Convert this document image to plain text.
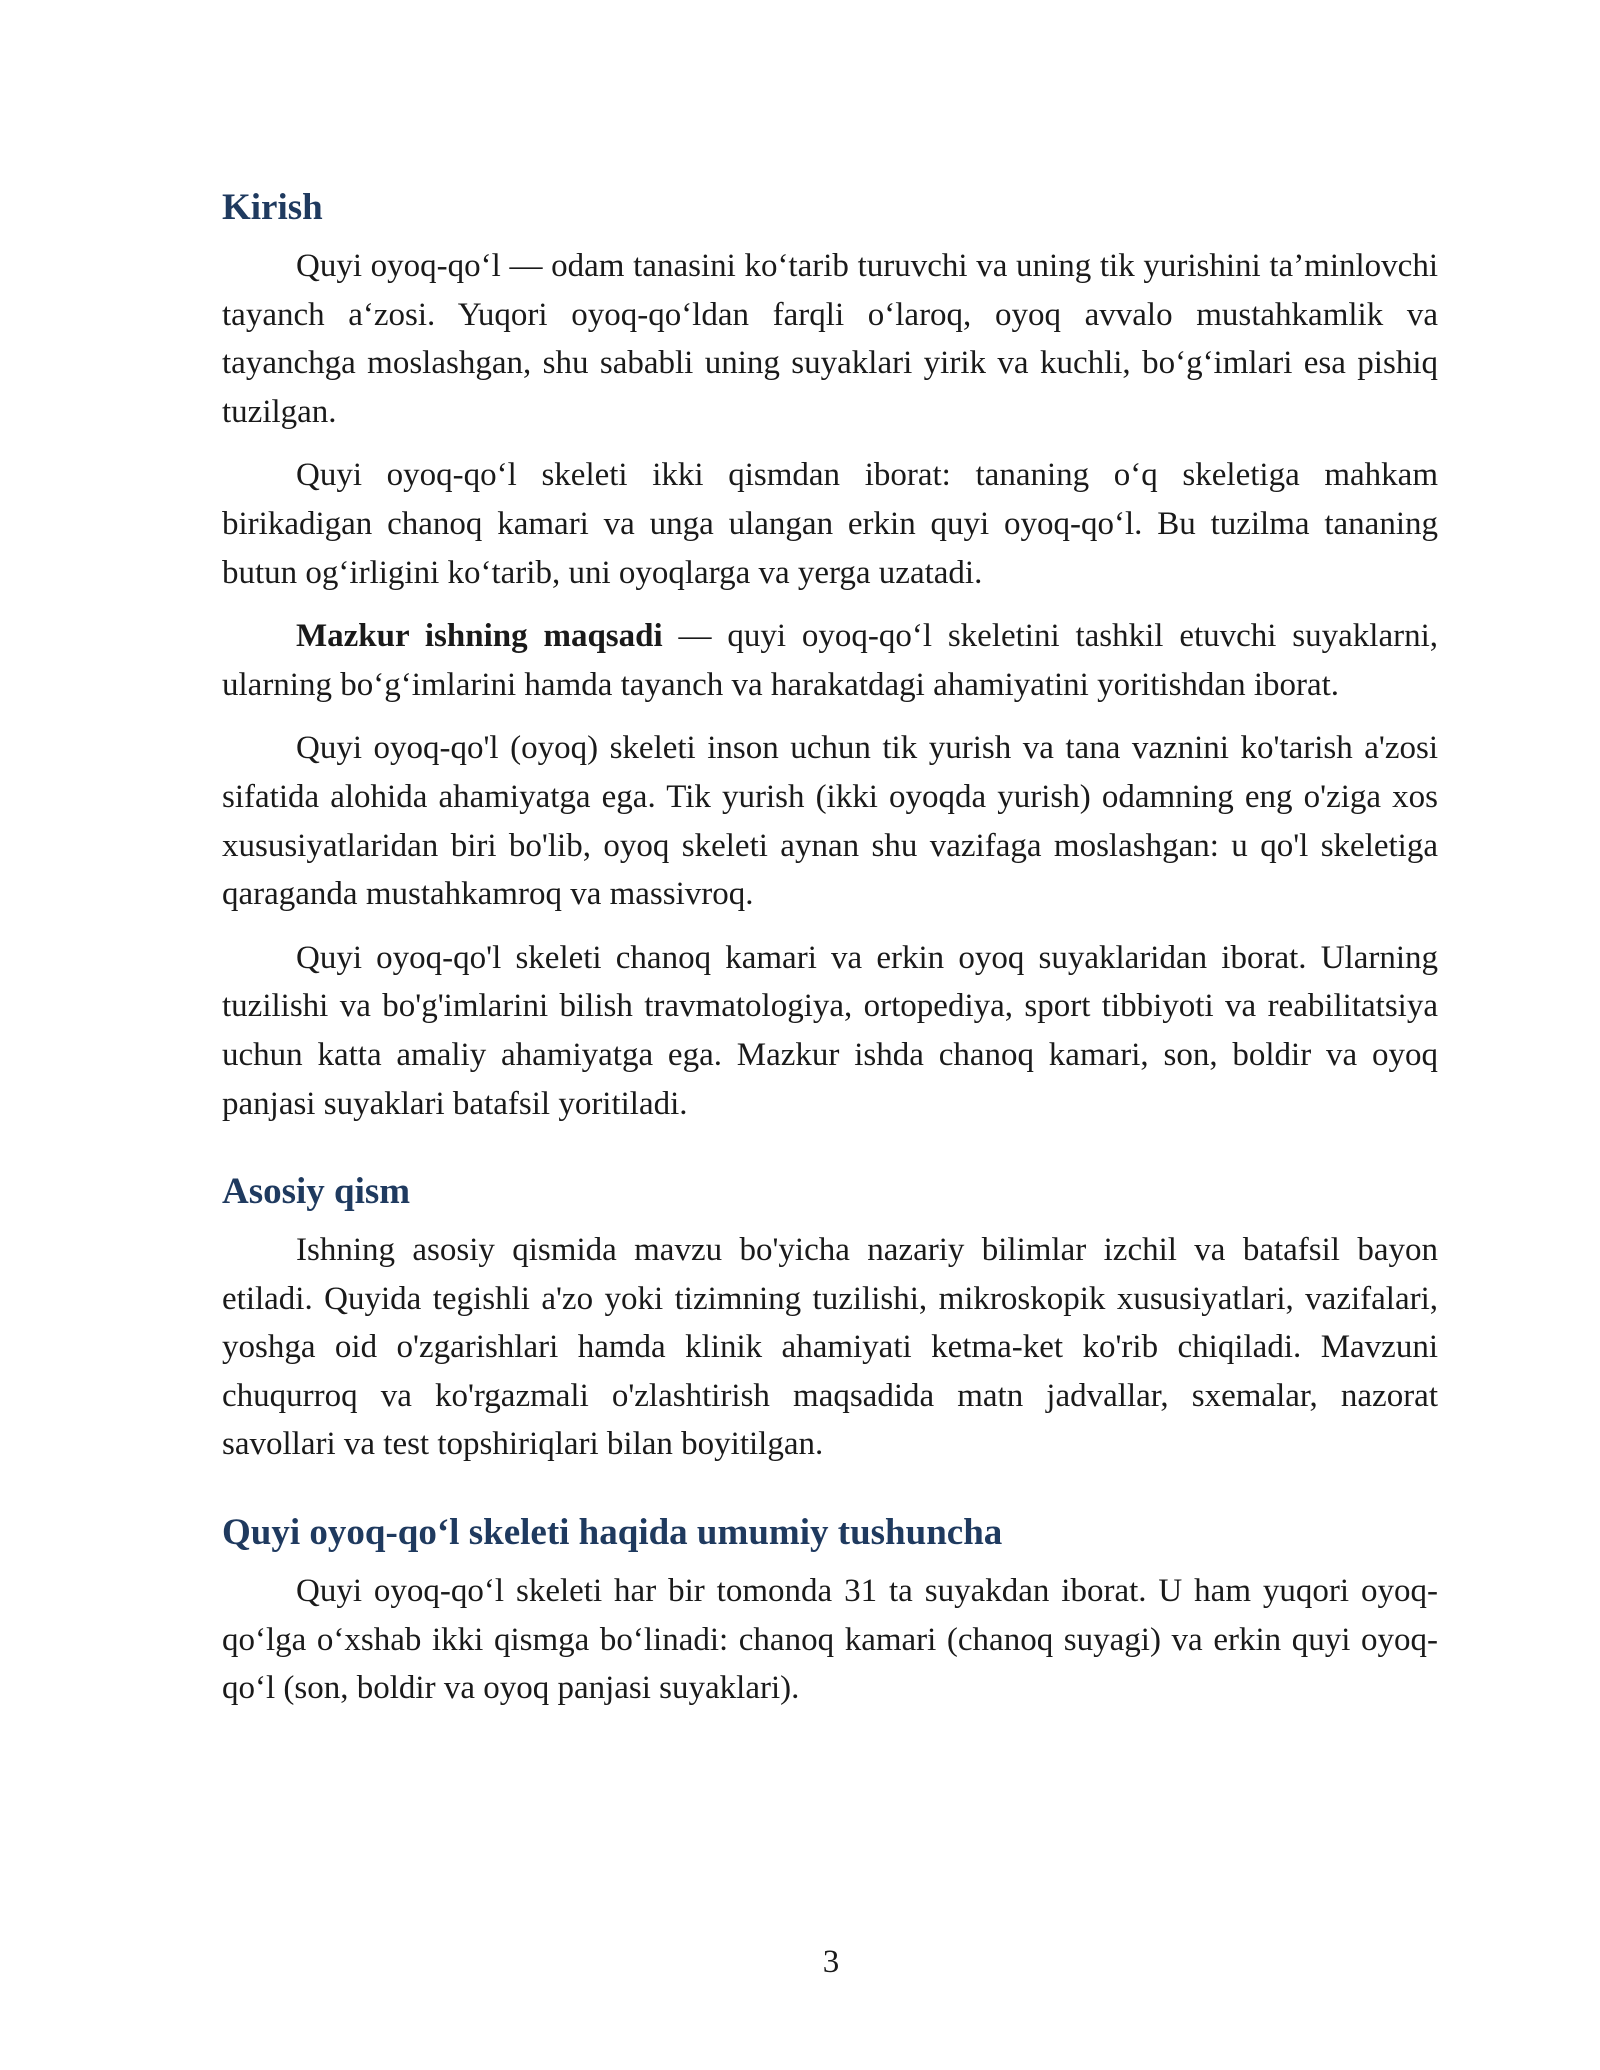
Kirish

Quyi oyoq-qo‘l — odam tanasini ko‘tarib turuvchi va uning tik yurishini ta’minlovchi tayanch a‘zosi. Yuqori oyoq-qo‘ldan farqli o‘laroq, oyoq avvalo mustahkamlik va tayanchga moslashgan, shu sababli uning suyaklari yirik va kuchli, bo‘g‘imlari esa pishiq tuzilgan.

Quyi oyoq-qo‘l skeleti ikki qismdan iborat: tananing o‘q skeletiga mahkam birikadigan chanoq kamari va unga ulangan erkin quyi oyoq-qo‘l. Bu tuzilma tananing butun og‘irligini ko‘tarib, uni oyoqlarga va yerga uzatadi.

Mazkur ishning maqsadi — quyi oyoq-qo‘l skeletini tashkil etuvchi suyaklarni, ularning bo‘g‘imlarini hamda tayanch va harakatdagi ahamiyatini yoritishdan iborat.

Quyi oyoq-qo'l (oyoq) skeleti inson uchun tik yurish va tana vaznini ko'tarish a'zosi sifatida alohida ahamiyatga ega. Tik yurish (ikki oyoqda yurish) odamning eng o'ziga xos xususiyatlaridan biri bo'lib, oyoq skeleti aynan shu vazifaga moslashgan: u qo'l skeletiga qaraganda mustahkamroq va massivroq.

Quyi oyoq-qo'l skeleti chanoq kamari va erkin oyoq suyaklaridan iborat. Ularning tuzilishi va bo'g'imlarini bilish travmatologiya, ortopediya, sport tibbiyoti va reabilitatsiya uchun katta amaliy ahamiyatga ega. Mazkur ishda chanoq kamari, son, boldir va oyoq panjasi suyaklari batafsil yoritiladi.

Asosiy qism

Ishning asosiy qismida mavzu bo'yicha nazariy bilimlar izchil va batafsil bayon etiladi. Quyida tegishli a'zo yoki tizimning tuzilishi, mikroskopik xususiyatlari, vazifalari, yoshga oid o'zgarishlari hamda klinik ahamiyati ketma-ket ko'rib chiqiladi. Mavzuni chuqurroq va ko'rgazmali o'zlashtirish maqsadida matn jadvallar, sxemalar, nazorat savollari va test topshiriqlari bilan boyitilgan.

Quyi oyoq-qo‘l skeleti haqida umumiy tushuncha

Quyi oyoq-qo‘l skeleti har bir tomonda 31 ta suyakdan iborat. U ham yuqori oyoq-qo‘lga o‘xshab ikki qismga bo‘linadi: chanoq kamari (chanoq suyagi) va erkin quyi oyoq-qo‘l (son, boldir va oyoq panjasi suyaklari).

3
